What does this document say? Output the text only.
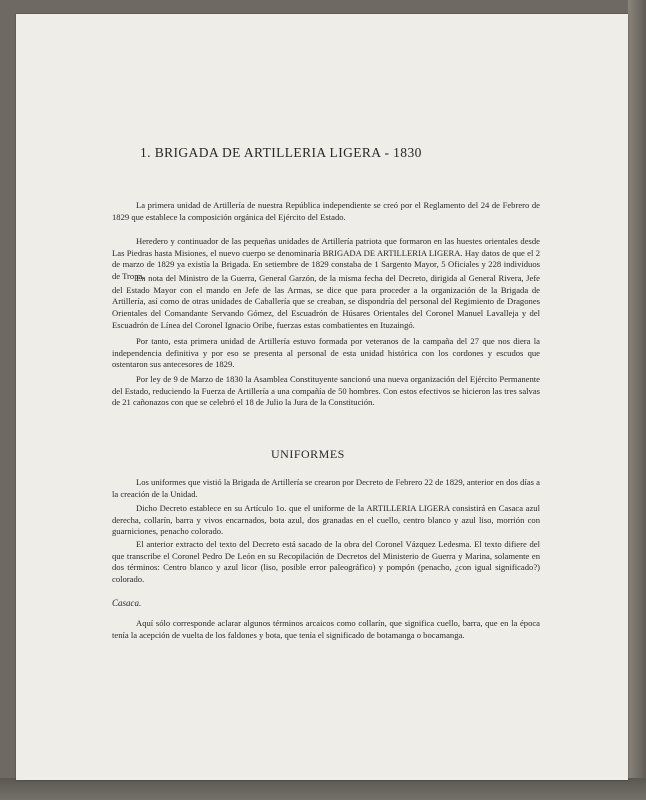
1. BRIGADA DE ARTILLERIA LIGERA - 1830

La primera unidad de Artillería de nuestra República independiente se creó por el Reglamento del 24 de Febrero de 1829 que establece la composición orgánica del Ejército del Estado.

Heredero y continuador de las pequeñas unidades de Artillería patriota que formaron en las huestes orientales desde Las Piedras hasta Misiones, el nuevo cuerpo se denominaría BRIGADA DE ARTILLERIA LIGERA. Hay datos de que el 2 de marzo de 1829 ya existía la Brigada. En setiembre de 1829 constaba de 1 Sargento Mayor, 5 Oficiales y 228 individuos de Tropa.

En nota del Ministro de la Guerra, General Garzón, de la misma fecha del Decreto, dirigida al General Rivera, Jefe del Estado Mayor con el mando en Jefe de las Armas, se dice que para proceder a la organización de la Brigada de Artillería, así como de otras unidades de Caballería que se creaban, se dispondría del personal del Regimiento de Dragones Orientales del Comandante Servando Gómez, del Escuadrón de Húsares Orientales del Coronel Manuel Lavalleja y del Escuadrón de Línea del Coronel Ignacio Oribe, fuerzas estas combatientes en Ituzaingó.

Por tanto, esta primera unidad de Artillería estuvo formada por veteranos de la campaña del 27 que nos diera la independencia definitiva y por eso se presenta al personal de esta unidad histórica con los cordones y escudos que ostentaron sus antecesores de 1829.

Por ley de 9 de Marzo de 1830 la Asamblea Constituyente sancionó una nueva organización del Ejército Permanente del Estado, reduciendo la Fuerza de Artillería a una compañía de 50 hombres. Con estos efectivos se hicieron las tres salvas de 21 cañonazos con que se celebró el 18 de Julio la Jura de la Constitución.

UNIFORMES

Los uniformes que vistió la Brigada de Artillería se crearon por Decreto de Febrero 22 de 1829, anterior en dos días a la creación de la Unidad.

Dicho Decreto establece en su Artículo 1o. que el uniforme de la ARTILLERIA LIGERA consistirá en Casaca azul derecha, collarín, barra y vivos encarnados, bota azul, dos granadas en el cuello, centro blanco y azul liso, morrión con guarniciones, penacho colorado.

El anterior extracto del texto del Decreto está sacado de la obra del Coronel Vázquez Ledesma. El texto difiere del que transcribe el Coronel Pedro De León en su Recopilación de Decretos del Ministerio de Guerra y Marina, solamente en dos términos: Centro blanco y azul licor (liso, posible error paleográfico) y pompón (penacho, ¿con igual significado?) colorado.

Casaca.

Aquí sólo corresponde aclarar algunos términos arcaicos como collarín, que significa cuello, barra, que en la época tenía la acepción de vuelta de los faldones y bota, que tenía el significado de botamanga o bocamanga.
